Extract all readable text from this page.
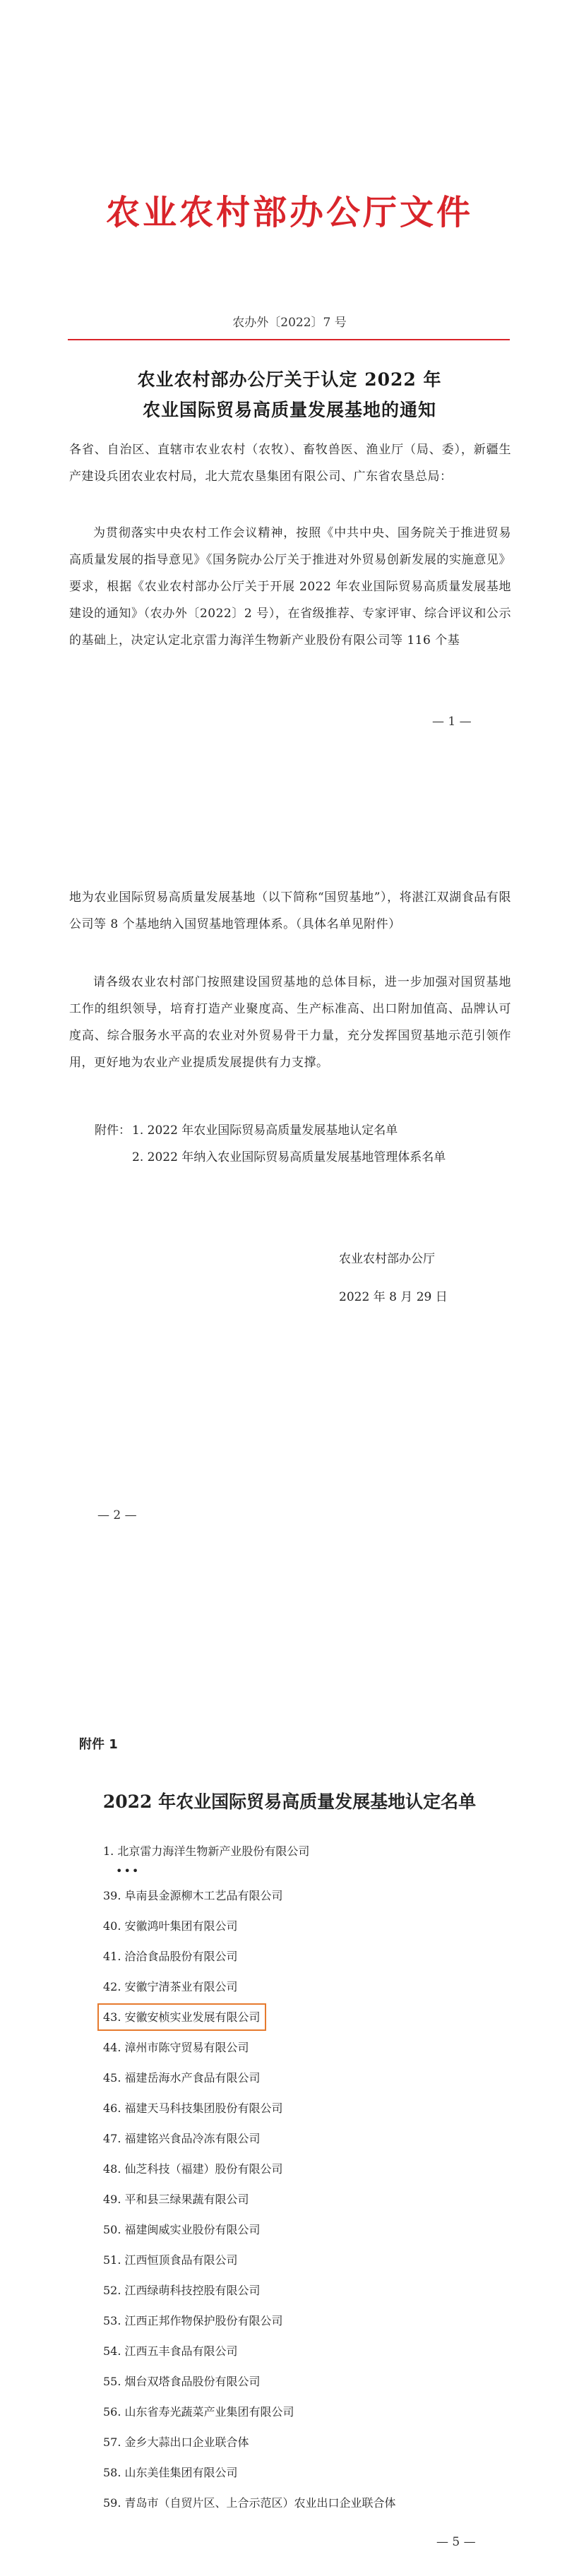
农业农村部办公厅文件
农办外〔2022〕7 号
农业农村部办公厅关于认定 2022 年
农业国际贸易高质量发展基地的通知
各省、自治区、直辖市农业农村（农牧）、畜牧兽医、渔业厅（局、委），新疆生产建设兵团农业农村局，北大荒农垦集团有限公司、广东省农垦总局：
为贯彻落实中央农村工作会议精神，按照《中共中央、国务院关于推进贸易高质量发展的指导意见》《国务院办公厅关于推进对外贸易创新发展的实施意见》要求，根据《农业农村部办公厅关于开展 2022 年农业国际贸易高质量发展基地建设的通知》（农办外〔2022〕2 号），在省级推荐、专家评审、综合评议和公示的基础上，决定认定北京雷力海洋生物新产业股份有限公司等 116 个基
— 1 —
地为农业国际贸易高质量发展基地（以下简称“国贸基地”），将湛江双湖食品有限公司等 8 个基地纳入国贸基地管理体系。（具体名单见附件）
请各级农业农村部门按照建设国贸基地的总体目标，进一步加强对国贸基地工作的组织领导，培育打造产业聚度高、生产标准高、出口附加值高、品牌认可度高、综合服务水平高的农业对外贸易骨干力量，充分发挥国贸基地示范引领作用，更好地为农业产业提质发展提供有力支撑。
附件： 1. 2022 年农业国际贸易高质量发展基地认定名单
2. 2022 年纳入农业国际贸易高质量发展基地管理体系名单
农业农村部办公厅
2022 年 8 月 29 日
— 2 —
附件 1
2022 年农业国际贸易高质量发展基地认定名单
1. 北京雷力海洋生物新产业股份有限公司
•••
39. 阜南县金源柳木工艺品有限公司
40. 安徽鸿叶集团有限公司
41. 洽洽食品股份有限公司
42. 安徽宁清茶业有限公司
43. 安徽安桢实业发展有限公司
44. 漳州市陈守贸易有限公司
45. 福建岳海水产食品有限公司
46. 福建天马科技集团股份有限公司
47. 福建铭兴食品冷冻有限公司
48. 仙芝科技（福建）股份有限公司
49. 平和县三绿果蔬有限公司
50. 福建闽威实业股份有限公司
51. 江西恒顶食品有限公司
52. 江西绿萌科技控股有限公司
53. 江西正邦作物保护股份有限公司
54. 江西五丰食品有限公司
55. 烟台双塔食品股份有限公司
56. 山东省寿光蔬菜产业集团有限公司
57. 金乡大蒜出口企业联合体
58. 山东美佳集团有限公司
59. 青岛市（自贸片区、上合示范区）农业出口企业联合体
— 5 —
